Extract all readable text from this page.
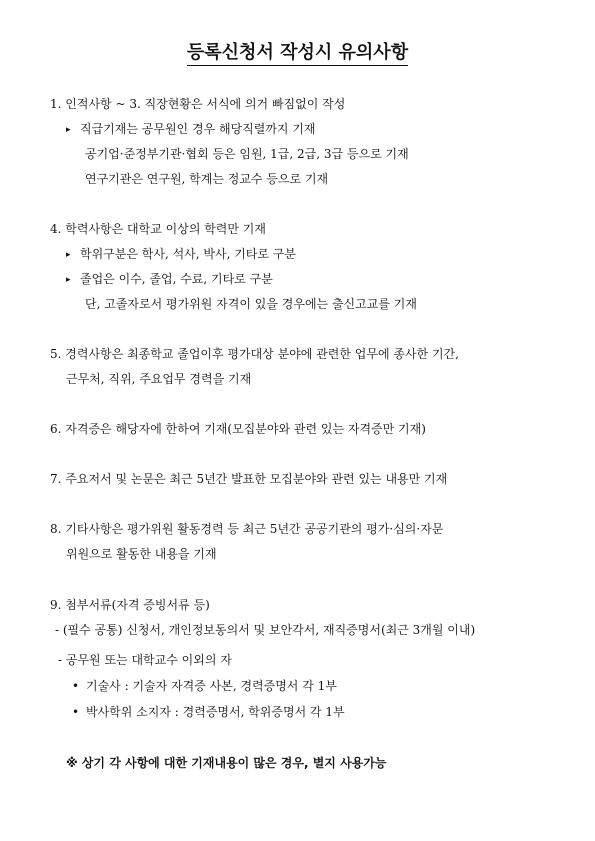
등록신청서 작성시 유의사항
1. 인적사항 ~ 3. 직장현황은 서식에 의거 빠짐없이 작성
▸ 직급기재는 공무원인 경우 해당직렬까지 기재
공기업·준정부기관·협회 등은 임원, 1급, 2급, 3급 등으로 기재
연구기관은 연구원, 학계는 정교수 등으로 기재
4. 학력사항은 대학교 이상의 학력만 기재
▸ 학위구분은 학사, 석사, 박사, 기타로 구분
▸ 졸업은 이수, 졸업, 수료, 기타로 구분
단, 고졸자로서 평가위원 자격이 있을 경우에는 출신고교를 기재
5. 경력사항은 최종학교 졸업이후 평가대상 분야에 관련한 업무에 종사한 기간,
근무처, 직위, 주요업무 경력을 기재
6. 자격증은 해당자에 한하여 기재(모집분야와 관련 있는 자격증만 기재)
7. 주요저서 및 논문은 최근 5년간 발표한 모집분야와 관련 있는 내용만 기재
8. 기타사항은 평가위원 활동경력 등 최근 5년간 공공기관의 평가·심의·자문
위원으로 활동한 내용을 기재
9. 첨부서류(자격 증빙서류 등)
- (필수 공통) 신청서, 개인정보동의서 및 보안각서, 재직증명서(최근 3개월 이내)
- 공무원 또는 대학교수 이외의 자
• 기술사 : 기술자 자격증 사본, 경력증명서 각 1부
• 박사학위 소지자 : 경력증명서, 학위증명서 각 1부
※ 상기 각 사항에 대한 기재내용이 많은 경우, 별지 사용가능
